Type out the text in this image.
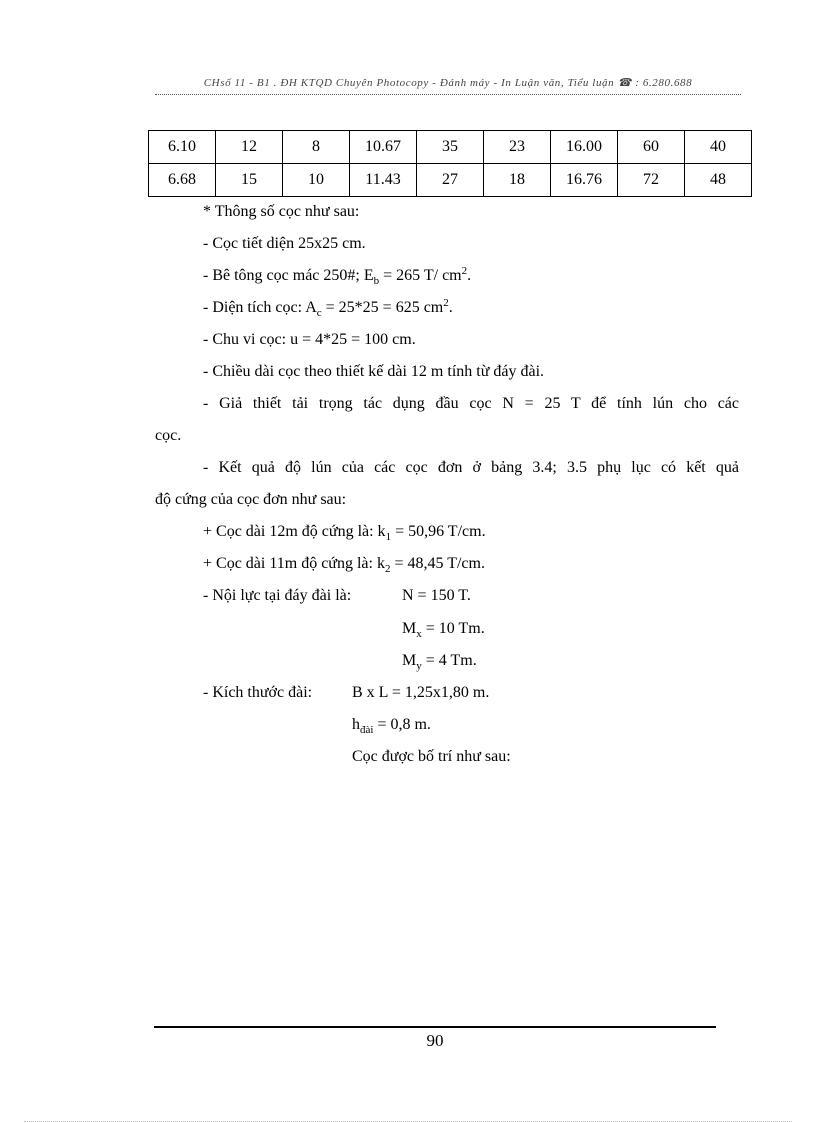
CHsố 11 - B1 . ĐH KTQD Chuyên Photocopy - Đánh máy - In Luận văn, Tiểu luận ☎ : 6.280.688
6.10	12	8	10.67	35	23	16.00	60	40
6.68	15	10	11.43	27	18	16.76	72	48
* Thông số cọc như sau:
- Cọc tiết diện 25x25 cm.
- Bê tông cọc mác 250#; $E_b = 265$ T/ $cm^2$.
- Diện tích cọc: $A_c = 25*25 = 625$ $cm^2$.
- Chu vi cọc: u = 4*25 = 100 cm.
- Chiều dài cọc theo thiết kế dài 12 m tính từ đáy đài.
- Giả thiết tải trọng tác dụng đầu cọc N = 25 T để tính lún cho các
cọc.
- Kết quả độ lún của các cọc đơn ở bảng 3.4; 3.5 phụ lục có kết quả
độ cứng của cọc đơn như sau:
+ Cọc dài 12m độ cứng là: $k_1 = 50,96$ T/cm.
+ Cọc dài 11m độ cứng là: $k_2 = 48,45$ T/cm.
- Nội lực tại đáy đài là:	N = 150 T.
$M_x = 10$ Tm.
$M_y = 4$ Tm.
- Kích thước đài: B x L = 1,25x1,80 m.
$h_{đài} = 0,8$ m.
Cọc được bố trí như sau:
90
